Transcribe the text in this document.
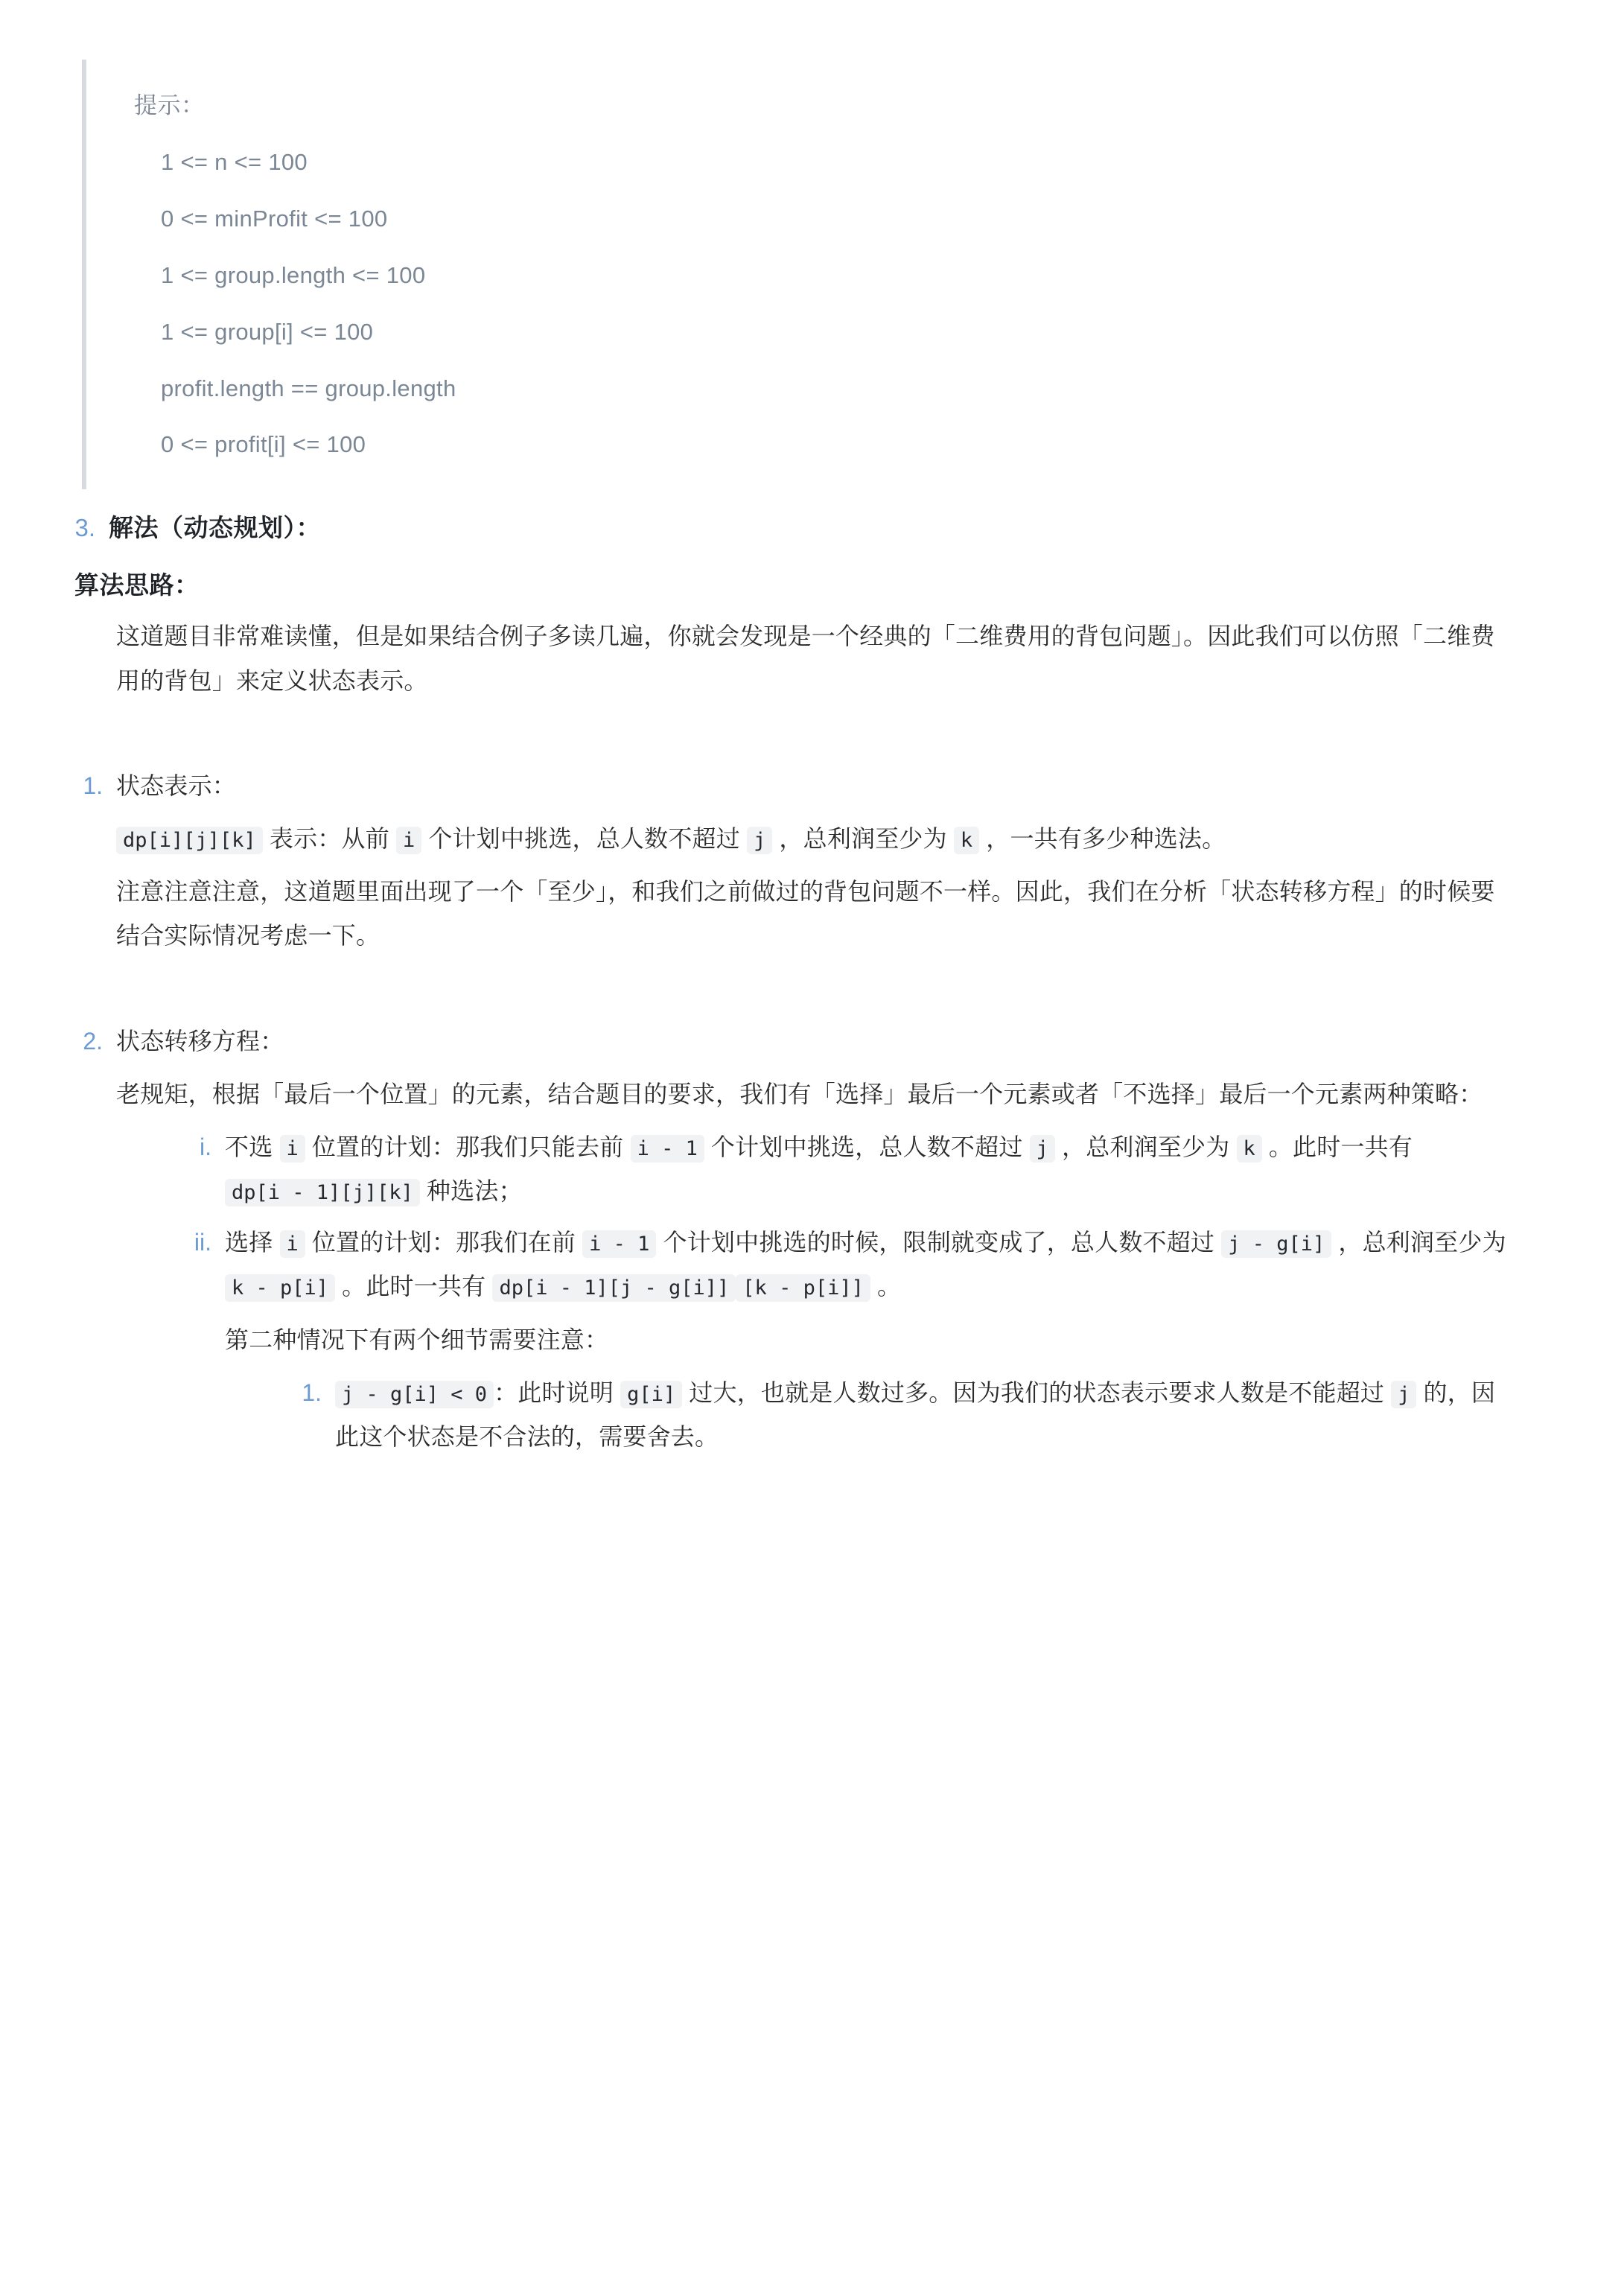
提示：
1 <= n <= 100
0 <= minProfit <= 100
1 <= group.length <= 100
1 <= group[i] <= 100
profit.length == group.length
0 <= profit[i] <= 100
3. 解法（动态规划）：
算法思路：
这道题目非常难读懂，但是如果结合例子多读几遍，你就会发现是一个经典的「二维费用的背包问题」。因此我们可以仿照「二维费用的背包」来定义状态表示。
1. 状态表示：
dp[i][j][k] 表示：从前 i 个计划中挑选，总人数不超过 j ，总利润至少为 k ，一共有多少种选法。
注意注意注意，这道题里面出现了一个「至少」，和我们之前做过的背包问题不一样。因此，我们在分析「状态转移方程」的时候要结合实际情况考虑一下。
2. 状态转移方程：
老规矩，根据「最后一个位置」的元素，结合题目的要求，我们有「选择」最后一个元素或者「不选择」最后一个元素两种策略：
i. 不选 i 位置的计划：那我们只能去前 i - 1 个计划中挑选，总人数不超过 j ，总利润至少为 k 。此时一共有 dp[i - 1][j][k] 种选法；
ii. 选择 i 位置的计划：那我们在前 i - 1 个计划中挑选的时候，限制就变成了，总人数不超过 j - g[i] ，总利润至少为 k - p[i] 。此时一共有 dp[i - 1][j - g[i]] [k - p[i]] 。
第二种情况下有两个细节需要注意：
1.	j - g[i] < 0 ：此时说明 g[i] 过大，也就是人数过多。因为我们的状态表示要求人数是不能超过 j 的，因此这个状态是不合法的，需要舍去。
